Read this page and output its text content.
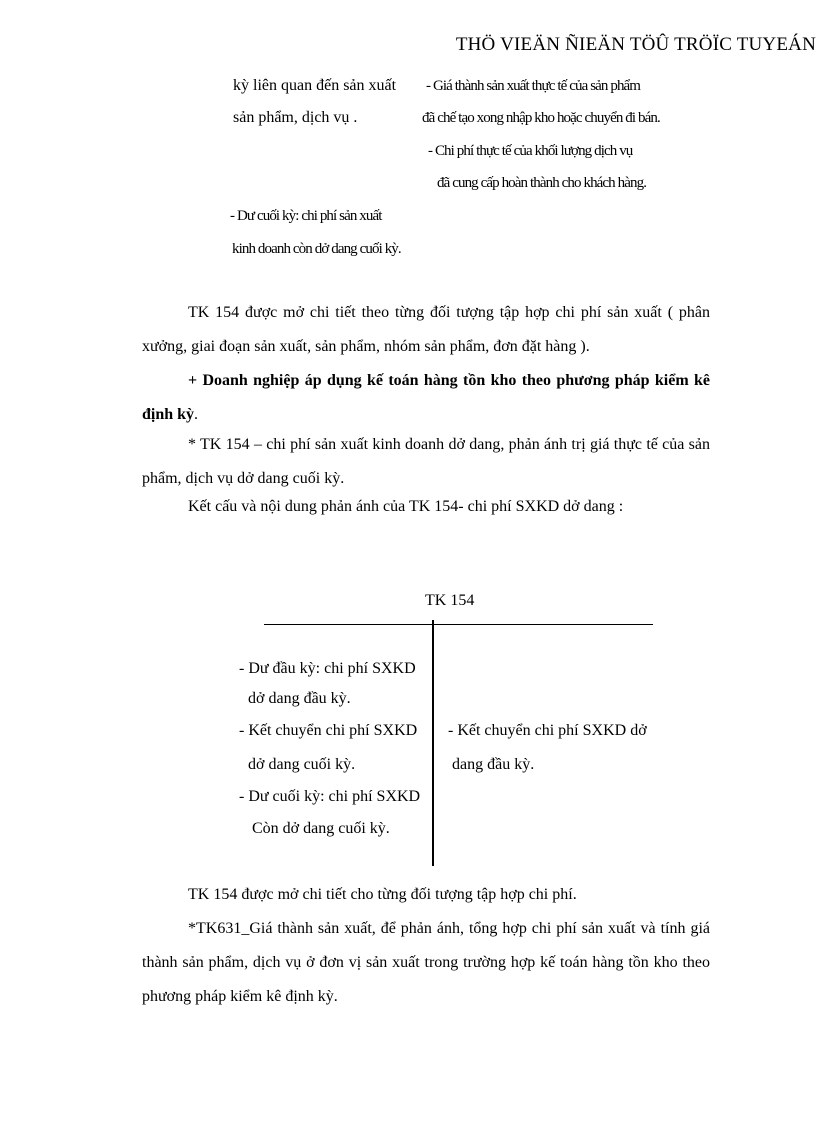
THÖ VIEÄN ÑIEÄN TÖÛ TRÖÏC TUYEÁN
kỳ liên quan đến sản xuất
sản phẩm, dịch vụ .
- Giá thành sản xuất thực tế của sản phẩm
đã chế tạo xong nhập kho hoặc chuyển đi bán.
- Chi phí thực tế của khối lượng dịch vụ
đã cung cấp hoàn thành cho khách hàng.
- Dư cuối kỳ: chi phí sản xuất
kinh doanh còn dở dang cuối kỳ.
TK 154 được mở chi tiết theo từng đối tượng tập hợp chi phí sản xuất ( phân xưởng, giai đoạn sản xuất, sản phẩm, nhóm sản phẩm, đơn đặt hàng ).
+ Doanh nghiệp áp dụng kế toán hàng tồn kho theo phương pháp kiểm kê định kỳ.
* TK 154 – chi phí sản xuất kinh doanh dở dang, phản ánh trị giá thực tế của sản phẩm, dịch vụ dở dang cuối kỳ.
Kết cấu và nội dung phản ánh của TK 154- chi phí SXKD dở dang :
TK 154
- Dư đầu kỳ: chi phí SXKD
dở dang đầu kỳ.
- Kết chuyển chi phí SXKD
dở dang cuối kỳ.
- Dư cuối kỳ: chi phí SXKD
Còn dở dang cuối kỳ.
- Kết chuyển chi phí SXKD dở
dang đầu kỳ.
TK 154 được mở chi tiết cho từng đối tượng tập hợp chi phí.
*TK631_Giá thành sản xuất, để phản ánh, tổng hợp chi phí sản xuất và tính giá thành sản phẩm, dịch vụ ở đơn vị sản xuất trong trường hợp kế toán hàng tồn kho theo phương pháp kiểm kê định kỳ.
